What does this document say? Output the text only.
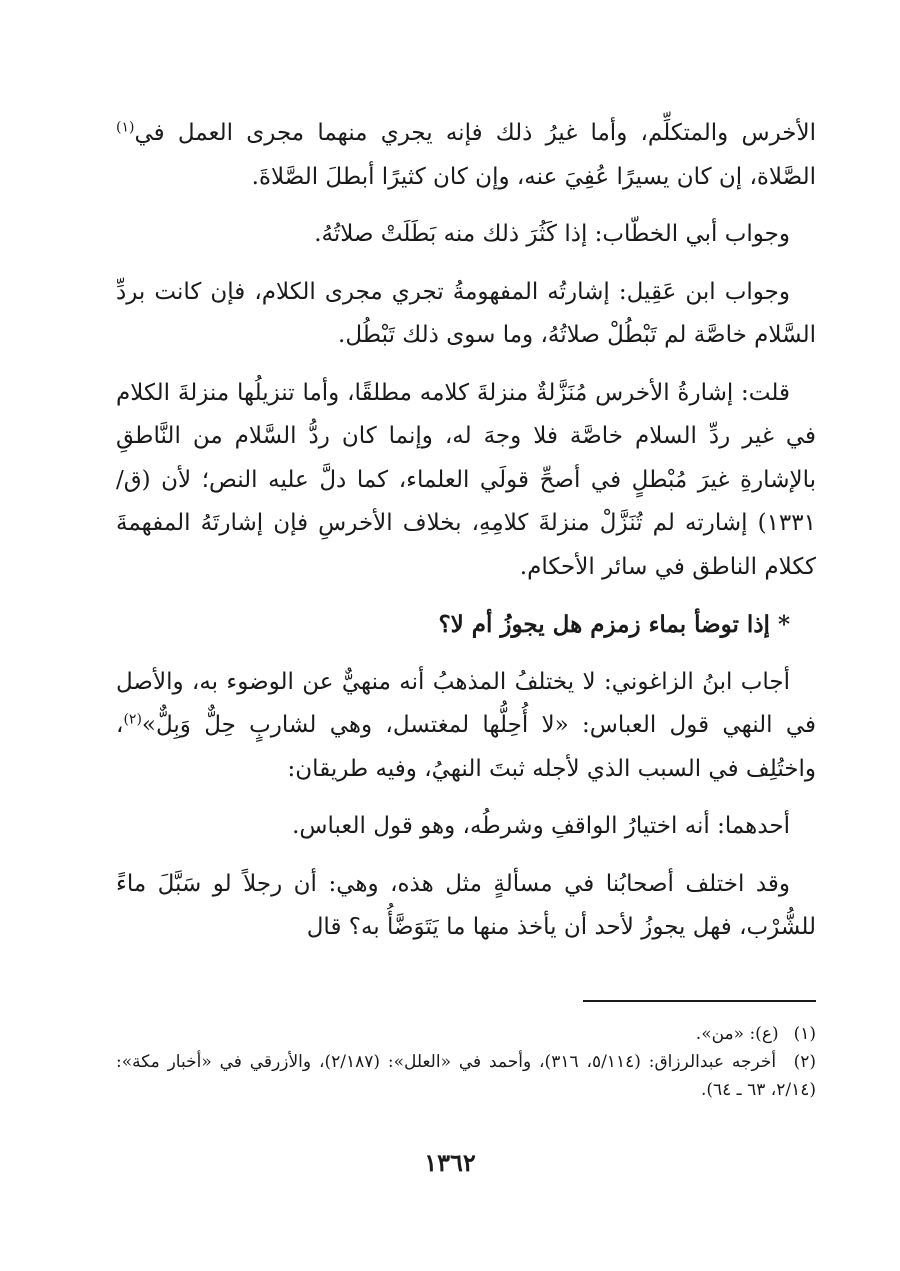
الأخرس والمتكلِّم، وأما غيرُ ذلك فإنه يجري منهما مجرى العمل في$^{(١)}$ الصَّلاة، إن كان يسيرًا عُفِيَ عنه، وإن كان كثيرًا أبطلَ الصَّلاةَ.

وجواب أبي الخطّاب: إذا كَثُرَ ذلك منه بَطَلَتْ صلاتُهُ.

وجواب ابن عَقِيل: إشارتُه المفهومةُ تجري مجرى الكلام، فإن كانت بردِّ السَّلام خاصَّة لم تَبْطُلْ صلاتُهُ، وما سوى ذلك تَبْطُل.

قلت: إشارةُ الأخرس مُنَزَّلةٌ منزلةَ كلامه مطلقًا، وأما تنزيلُها منزلةَ الكلام في غير ردِّ السلام خاصَّة فلا وجهَ له، وإنما كان ردُّ السَّلام من النَّاطقِ بالإشارةِ غيرَ مُبْطلٍ في أصحِّ قولَي العلماء، كما دلَّ عليه النص؛ لأن (ق/١٣٣١) إشارته لم تُنَزَّلْ منزلةَ كلامِهِ، بخلاف الأخرسِ فإن إشارتَهُ المفهمةَ ككلام الناطق في سائر الأحكام.

* إذا توضأ بماء زمزم هل يجوزُ أم لا؟

أجاب ابنُ الزاغوني: لا يختلفُ المذهبُ أنه منهيٌّ عن الوضوء به، والأصل في النهي قول العباس: «لا أُحِلُّها لمغتسل، وهي لشاربٍ حِلٌّ وَبِلٌّ»$^{(٢)}$، واختُلِف في السبب الذي لأجله ثبتَ النهيُ، وفيه طريقان:

أحدهما: أنه اختيارُ الواقفِ وشرطُه، وهو قول العباس.

وقد اختلف أصحابُنا في مسألةٍ مثل هذه، وهي: أن رجلاً لو سَبَّلَ ماءً للشُّرْب، فهل يجوزُ لأحد أن يأخذ منها ما يَتَوَضَّأُ به؟ قال

(١) (ع): «من».

(٢) أخرجه عبدالرزاق: (٥/١١٤، ٣١٦)، وأحمد في «العلل»: (٢/١٨٧)، والأزرقي في «أخبار مكة»: (٢/١٤، ٦٣ ـ ٦٤).

١٣٦٢
